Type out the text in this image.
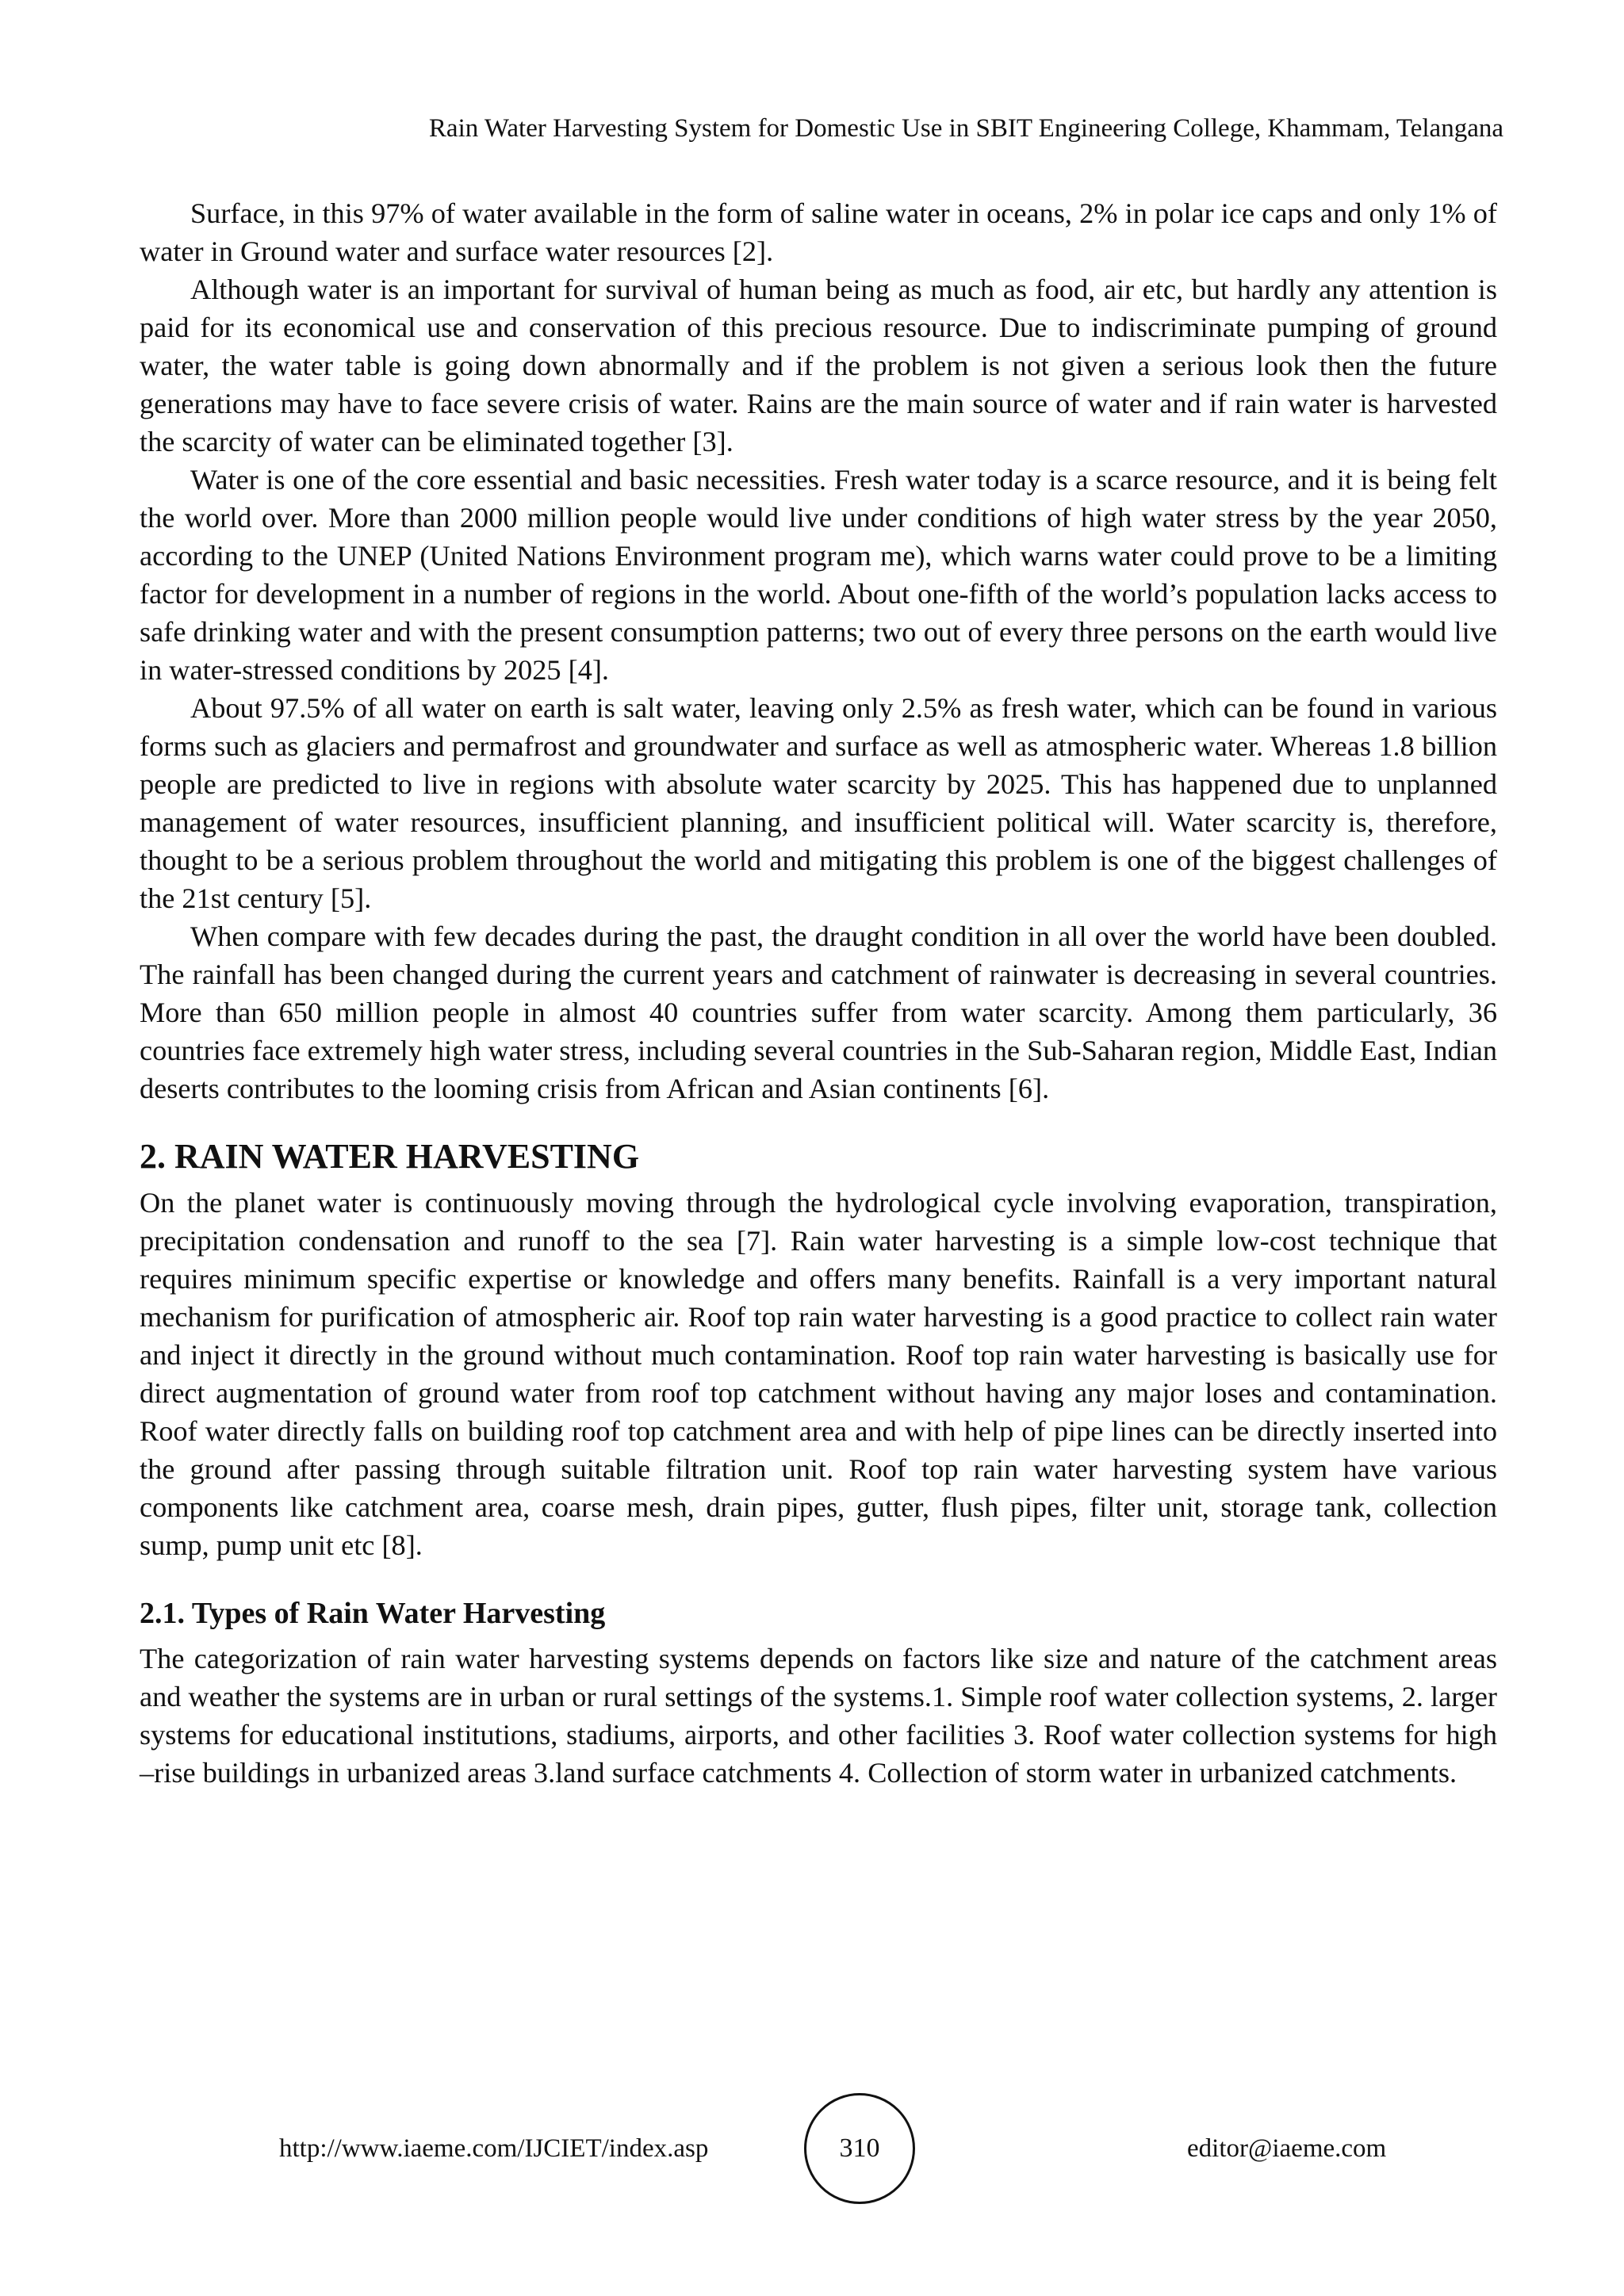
Rain Water Harvesting System for Domestic Use in SBIT Engineering College, Khammam, Telangana

Surface, in this 97% of water available in the form of saline water in oceans, 2% in polar ice caps and only 1% of water in Ground water and surface water resources [2].

Although water is an important for survival of human being as much as food, air etc, but hardly any attention is paid for its economical use and conservation of this precious resource. Due to indiscriminate pumping of ground water, the water table is going down abnormally and if the problem is not given a serious look then the future generations may have to face severe crisis of water. Rains are the main source of water and if rain water is harvested the scarcity of water can be eliminated together [3].

Water is one of the core essential and basic necessities. Fresh water today is a scarce resource, and it is being felt the world over. More than 2000 million people would live under conditions of high water stress by the year 2050, according to the UNEP (United Nations Environment program me), which warns water could prove to be a limiting factor for development in a number of regions in the world. About one-fifth of the world’s population lacks access to safe drinking water and with the present consumption patterns; two out of every three persons on the earth would live in water-stressed conditions by 2025 [4].

About 97.5% of all water on earth is salt water, leaving only 2.5% as fresh water, which can be found in various forms such as glaciers and permafrost and groundwater and surface as well as atmospheric water. Whereas 1.8 billion people are predicted to live in regions with absolute water scarcity by 2025. This has happened due to unplanned management of water resources, insufficient planning, and insufficient political will. Water scarcity is, therefore, thought to be a serious problem throughout the world and mitigating this problem is one of the biggest challenges of the 21st century [5].

When compare with few decades during the past, the draught condition in all over the world have been doubled. The rainfall has been changed during the current years and catchment of rainwater is decreasing in several countries. More than 650 million people in almost 40 countries suffer from water scarcity. Among them particularly, 36 countries face extremely high water stress, including several countries in the Sub-Saharan region, Middle East, Indian deserts contributes to the looming crisis from African and Asian continents [6].

2. RAIN WATER HARVESTING

On the planet water is continuously moving through the hydrological cycle involving evaporation, transpiration, precipitation condensation and runoff to the sea [7]. Rain water harvesting is a simple low-cost technique that requires minimum specific expertise or knowledge and offers many benefits. Rainfall is a very important natural mechanism for purification of atmospheric air. Roof top rain water harvesting is a good practice to collect rain water and inject it directly in the ground without much contamination. Roof top rain water harvesting is basically use for direct augmentation of ground water from roof top catchment without having any major loses and contamination. Roof water directly falls on building roof top catchment area and with help of pipe lines can be directly inserted into the ground after passing through suitable filtration unit. Roof top rain water harvesting system have various components like catchment area, coarse mesh, drain pipes, gutter, flush pipes, filter unit, storage tank, collection sump, pump unit etc [8].

2.1. Types of Rain Water Harvesting

The categorization of rain water harvesting systems depends on factors like size and nature of the catchment areas and weather the systems are in urban or rural settings of the systems.1. Simple roof water collection systems, 2. larger systems for educational institutions, stadiums, airports, and other facilities 3. Roof water collection systems for high –rise buildings in urbanized areas 3.land surface catchments 4. Collection of storm water in urbanized catchments.

http://www.iaeme.com/IJCIET/index.asp	310	editor@iaeme.com
